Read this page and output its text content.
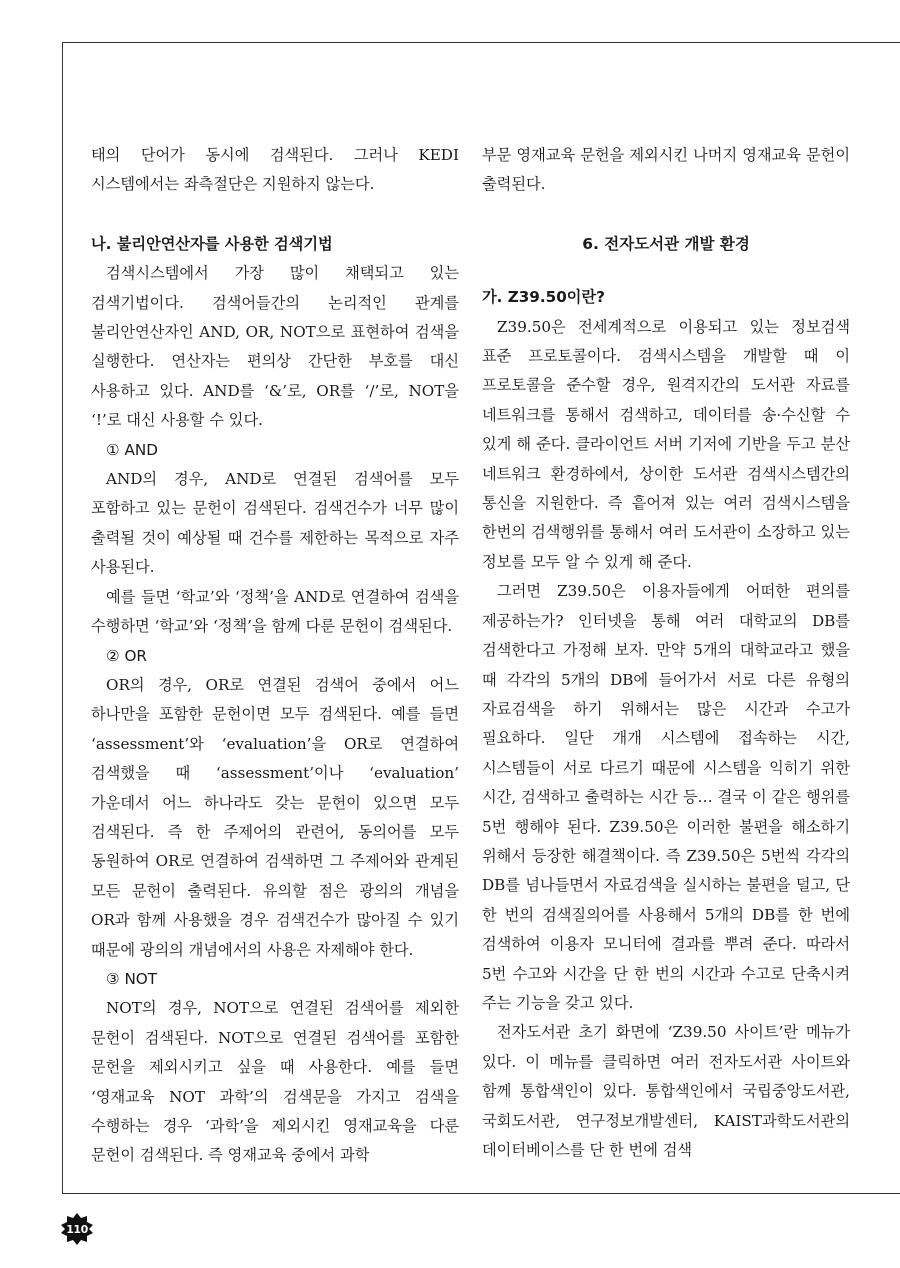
태의 단어가 동시에 검색된다. 그러나 KEDI 시스템에서는 좌측절단은 지원하지 않는다.

나. 불리안연산자를 사용한 검색기법

검색시스템에서 가장 많이 채택되고 있는 검색기법이다. 검색어들간의 논리적인 관계를 불리안연산자인 AND, OR, NOT으로 표현하여 검색을 실행한다. 연산자는 편의상 간단한 부호를 대신 사용하고 있다. AND를 ‘&’로, OR를 ‘/’로, NOT을 ‘!’로 대신 사용할 수 있다.

① AND

AND의 경우, AND로 연결된 검색어를 모두 포함하고 있는 문헌이 검색된다. 검색건수가 너무 많이 출력될 것이 예상될 때 건수를 제한하는 목적으로 자주 사용된다.

예를 들면 ‘학교’와 ‘정책’을 AND로 연결하여 검색을 수행하면 ‘학교’와 ‘정책’을 함께 다룬 문헌이 검색된다.

② OR

OR의 경우, OR로 연결된 검색어 중에서 어느 하나만을 포함한 문헌이면 모두 검색된다. 예를 들면 ‘assessment’와 ‘evaluation’을 OR로 연결하여 검색했을 때 ‘assessment’이나 ‘evaluation’ 가운데서 어느 하나라도 갖는 문헌이 있으면 모두 검색된다. 즉 한 주제어의 관련어, 동의어를 모두 동원하여 OR로 연결하여 검색하면 그 주제어와 관계된 모든 문헌이 출력된다. 유의할 점은 광의의 개념을 OR과 함께 사용했을 경우 검색건수가 많아질 수 있기 때문에 광의의 개념에서의 사용은 자제해야 한다.

③ NOT

NOT의 경우, NOT으로 연결된 검색어를 제외한 문헌이 검색된다. NOT으로 연결된 검색어를 포함한 문헌을 제외시키고 싶을 때 사용한다. 예를 들면 ‘영재교육 NOT 과학’의 검색문을 가지고 검색을 수행하는 경우 ‘과학’을 제외시킨 영재교육을 다룬 문헌이 검색된다. 즉 영재교육 중에서 과학

부문 영재교육 문헌을 제외시킨 나머지 영재교육 문헌이 출력된다.

6. 전자도서관 개발 환경

가. Z39.50이란?

Z39.50은 전세계적으로 이용되고 있는 정보검색 표준 프로토콜이다. 검색시스템을 개발할 때 이 프로토콜을 준수할 경우, 원격지간의 도서관 자료를 네트워크를 통해서 검색하고, 데이터를 송·수신할 수 있게 해 준다. 클라이언트 서버 기저에 기반을 두고 분산 네트워크 환경하에서, 상이한 도서관 검색시스템간의 통신을 지원한다. 즉 흩어져 있는 여러 검색시스템을 한번의 검색행위를 통해서 여러 도서관이 소장하고 있는 정보를 모두 알 수 있게 해 준다.

그러면 Z39.50은 이용자들에게 어떠한 편의를 제공하는가? 인터넷을 통해 여러 대학교의 DB를 검색한다고 가정해 보자. 만약 5개의 대학교라고 했을 때 각각의 5개의 DB에 들어가서 서로 다른 유형의 자료검색을 하기 위해서는 많은 시간과 수고가 필요하다. 일단 개개 시스템에 접속하는 시간, 시스템들이 서로 다르기 때문에 시스템을 익히기 위한 시간, 검색하고 출력하는 시간 등… 결국 이 같은 행위를 5번 행해야 된다. Z39.50은 이러한 불편을 해소하기 위해서 등장한 해결책이다. 즉 Z39.50은 5번씩 각각의 DB를 넘나들면서 자료검색을 실시하는 불편을 덜고, 단 한 번의 검색질의어를 사용해서 5개의 DB를 한 번에 검색하여 이용자 모니터에 결과를 뿌려 준다. 따라서 5번 수고와 시간을 단 한 번의 시간과 수고로 단축시켜 주는 기능을 갖고 있다.

전자도서관 초기 화면에 ‘Z39.50 사이트’란 메뉴가 있다. 이 메뉴를 클릭하면 여러 전자도서관 사이트와 함께 통합색인이 있다. 통합색인에서 국립중앙도서관, 국회도서관, 연구정보개발센터, KAIST과학도서관의 데이터베이스를 단 한 번에 검색

110
